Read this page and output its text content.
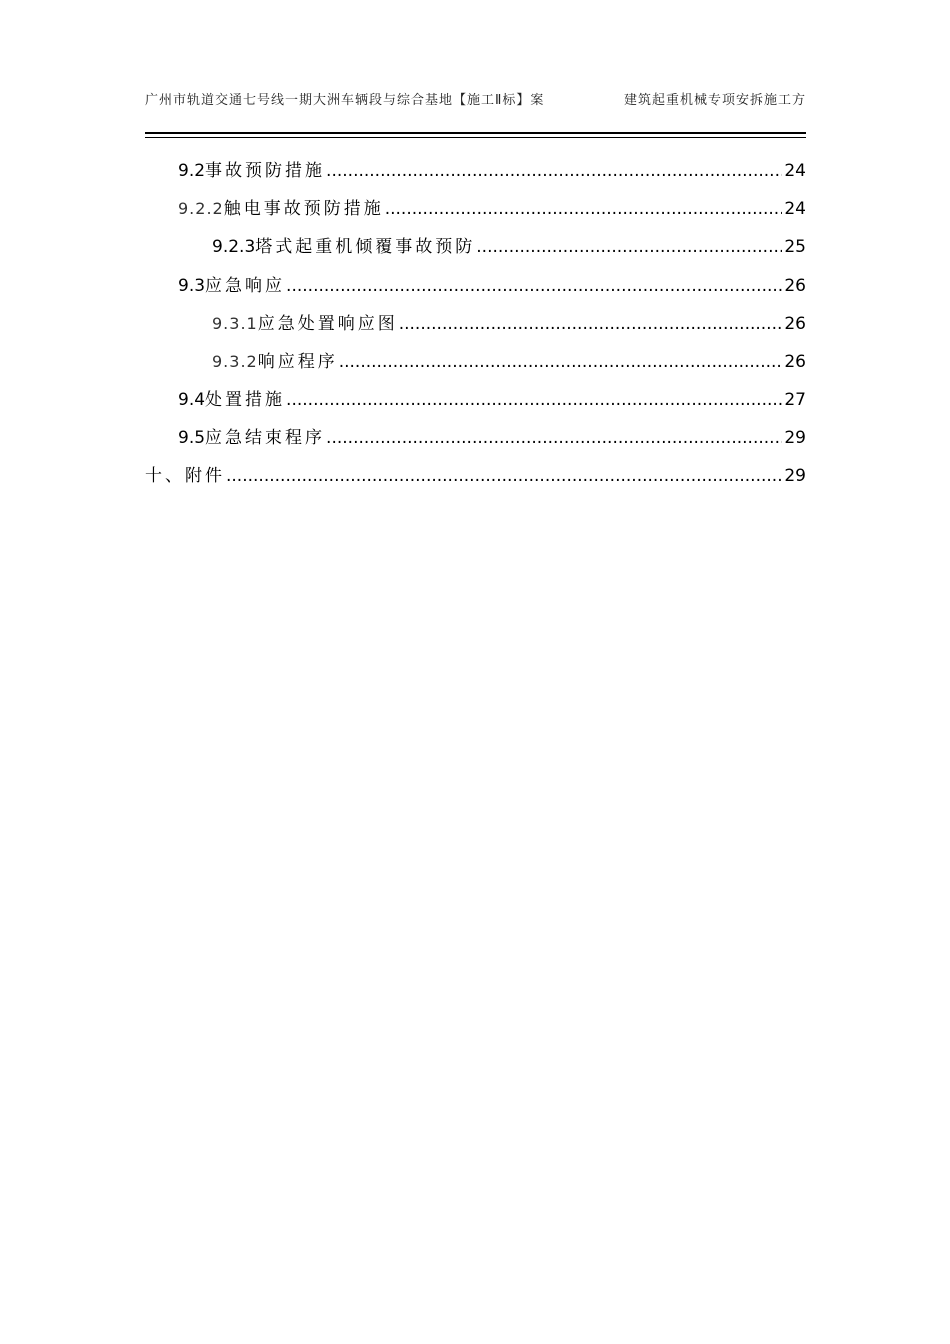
广州市轨道交通七号线一期大洲车辆段与综合基地【施工Ⅱ标】案	建筑起重机械专项安拆施工方
9.2 事故预防措施 .....	24
9.2.2 触电事故预防措施 .....	24
9.2.3 塔式起重机倾覆事故预防 .....	25
9.3 应急响应 .....	26
9.3.1 应急处置响应图 .....	26
9.3.2 响应程序 .....	26
9.4 处置措施 .....	27
9.5 应急结束程序 .....	29
十、 附件 .....	29
